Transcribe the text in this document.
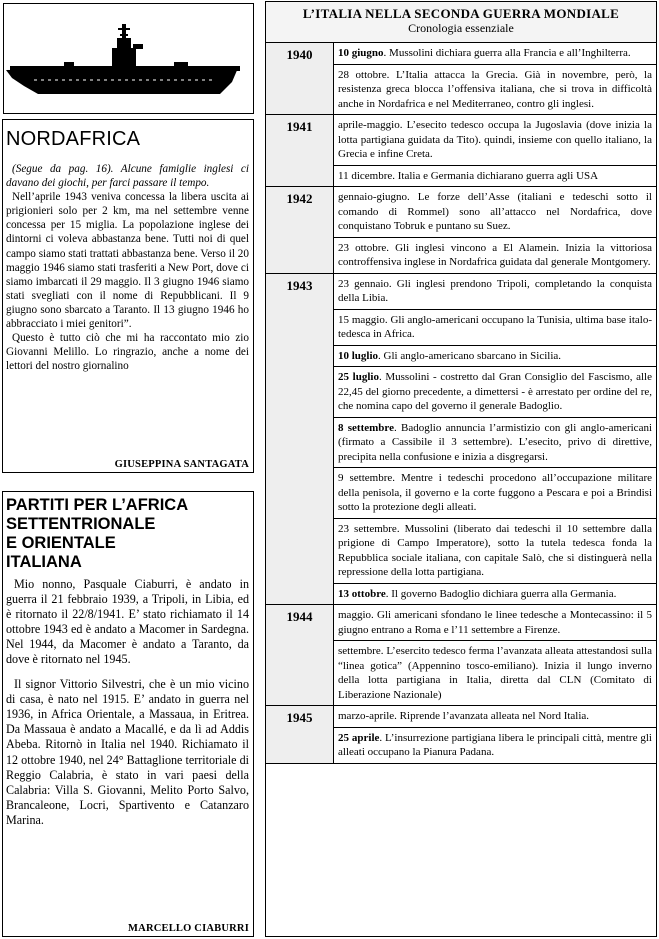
NORDAFRICA

(Segue da pag. 16). Alcune famiglie inglesi ci davano dei giochi, per farci passare il tempo.

Nell’aprile 1943 veniva concessa la libera uscita ai prigionieri solo per 2 km, ma nel settembre venne concessa per 15 miglia. La popolazione inglese dei dintorni ci voleva abbastanza bene. Tutti noi di quel campo siamo stati trattati abbastanza bene. Verso il 20 maggio 1946 siamo stati trasferiti a New Port, dove ci siamo imbarcati il 29 maggio. Il 3 giugno 1946 siamo stati svegliati con il nome di Repubblicani. Il 9 giugno sono sbarcato a Taranto. Il 13 giugno 1946 ho abbracciato i miei genitori”.

Questo è tutto ciò che mi ha raccontato mio zio Giovanni Melillo. Lo ringrazio, anche a nome dei lettori del nostro giornalino

GIUSEPPINA SANTAGATA
PARTITI PER L’AFRICA
SETTENTRIONALE
E ORIENTALE
ITALIANA

Mio nonno, Pasquale Ciaburri, è andato in guerra il 21 febbraio 1939, a Tripoli, in Libia, ed è ritornato il 22/8/1941. E’ stato richiamato il 14 ottobre 1943 ed è andato a Macomer in Sardegna. Nel 1944, da Macomer è andato a Taranto, da dove è ritornato nel 1945.

Il signor Vittorio Silvestri, che è un mio vicino di casa, è nato nel 1915. E’ andato in guerra nel 1936, in Africa Orientale, a Massaua, in Eritrea. Da Massaua è andato a Macallé, e da lì ad Addis Abeba. Ritornò in Italia nel 1940. Richiamato il 12 ottobre 1940, nel 24° Battaglione territoriale di Reggio Calabria, è stato in vari paesi della Calabria: Villa S. Giovanni, Melito Porto Salvo, Brancaleone, Locri, Spartivento e Catanzaro Marina.

MARCELLO CIABURRI
L’ITALIA NELLA SECONDA GUERRA MONDIALE
Cronologia essenziale
1940	10 giugno. Mussolini dichiara guerra alla Francia e all’Inghilterra.
28 ottobre. L’Italia attacca la Grecia. Già in novembre, però, la resistenza greca blocca l’offensiva italiana, che si trova in difficoltà anche in Nordafrica e nel Mediterraneo, contro gli inglesi.
1941	aprile-maggio. L’esecito tedesco occupa la Jugoslavia (dove inizia la lotta partigiana guidata da Tito). quindi, insieme con quello italiano, la Grecia e infine Creta.
11 dicembre. Italia e Germania dichiarano guerra agli USA
1942	gennaio-giugno. Le forze dell’Asse (italiani e tedeschi sotto il comando di Rommel) sono all’attacco nel Nordafrica, dove conquistano Tobruk e puntano su Suez.
23 ottobre. Gli inglesi vincono a El Alamein. Inizia la vittoriosa controffensiva inglese in Nordafrica guidata dal generale Montgomery.
1943	23 gennaio. Gli inglesi prendono Tripoli, completando la conquista della Libia.
15 maggio. Gli anglo-americani occupano la Tunisia, ultima base italo-tedesca in Africa.
10 luglio. Gli anglo-americano sbarcano in Sicilia.
25 luglio. Mussolini - costretto dal Gran Consiglio del Fascismo, alle 22,45 del giorno precedente, a dimettersi - è arrestato per ordine del re, che nomina capo del governo il generale Badoglio.
8 settembre. Badoglio annuncia l’armistizio con gli anglo-americani (firmato a Cassibile il 3 settembre). L’esecito, privo di direttive, precipita nella confusione e inizia a disgregarsi.
9 settembre. Mentre i tedeschi procedono all’occupazione militare della penisola, il governo e la corte fuggono a Pescara e poi a Brindisi sotto la protezione degli alleati.
23 settembre. Mussolini (liberato dai tedeschi il 10 settembre dalla prigione di Campo Imperatore), sotto la tutela tedesca fonda la Repubblica sociale italiana, con capitale Salò, che si distinguerà nella repressione della lotta partigiana.
13 ottobre. Il governo Badoglio dichiara guerra alla Germania.
1944	maggio. Gli americani sfondano le linee tedesche a Montecassino: il 5 giugno entrano a Roma e l’11 settembre a Firenze.
settembre. L’esercito tedesco ferma l’avanzata alleata attestandosi sulla “linea gotica” (Appennino tosco-emiliano). Inizia il lungo inverno della lotta partigiana in Italia, diretta dal CLN (Comitato di Liberazione Nazionale)
1945	marzo-aprile. Riprende l’avanzata alleata nel Nord Italia.
25 aprile. L’insurrezione partigiana libera le principali città, mentre gli alleati occupano la Pianura Padana.
